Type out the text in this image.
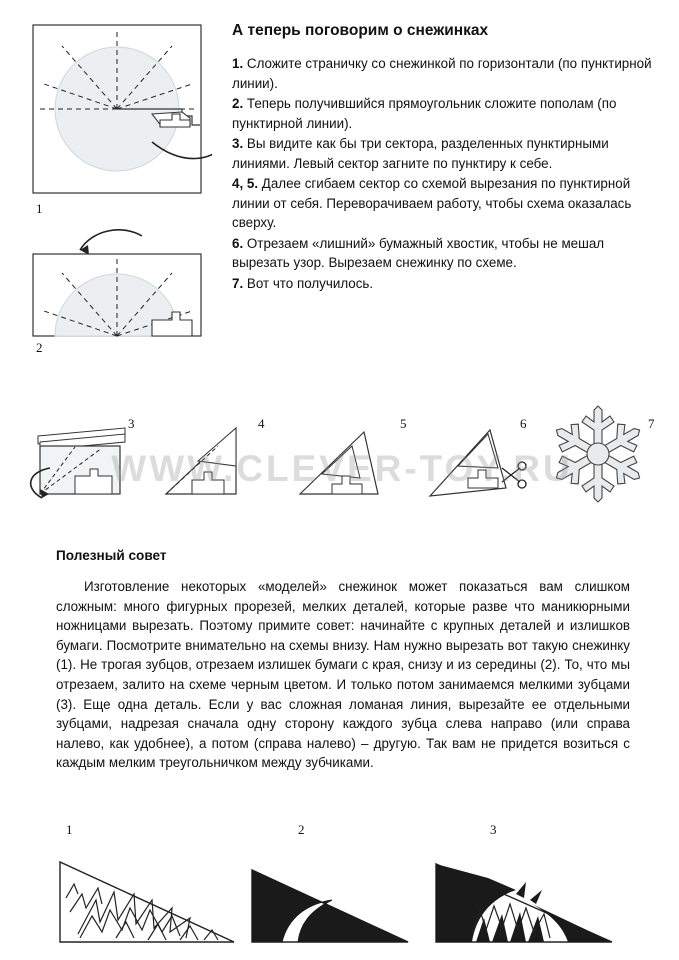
1
2
А теперь поговорим о снежинках
1. Сложите страничку со снежинкой по горизонтали (по пунктирной линии).
2. Теперь получившийся прямоугольник сложите пополам (по пунктирной линии).
3. Вы видите как бы три сектора, разделенных пунктирными линиями. Левый сектор загните по пунктиру к себе.
4, 5. Далее сгибаем сектор со схемой вырезания по пунктирной линии от себя. Переворачиваем работу, чтобы схема оказалась сверху.
6. Отрезаем «лишний» бумажный хвостик, чтобы не мешал вырезать узор. Вырезаем снежинку по схеме.
7. Вот что получилось.
3	4	5	6	7
WWW.CLEVER-TOY.RU
Полезный совет

Изготовление некоторых «моделей» снежинок может показаться вам слишком сложным: много фигурных прорезей, мелких деталей, которые разве что маникюрными ножницами вырезать. Поэтому примите совет: начинайте с крупных деталей и излишков бумаги. Посмотрите внимательно на схемы внизу. Нам нужно вырезать вот такую снежинку (1). Не трогая зубцов, отрезаем излишек бумаги с края, снизу и из середины (2). То, что мы отрезаем, залито на схеме черным цветом. И только потом занимаемся мелкими зубцами (3). Еще одна деталь. Если у вас сложная ломаная линия, вырезайте ее отдельными зубцами, надрезая сначала одну сторону каждого зубца слева направо (или справа налево, как удобнее), а потом (справа налево) – другую. Так вам не придется возиться с каждым мелким треугольничком между зубчиками.

1	2	3
